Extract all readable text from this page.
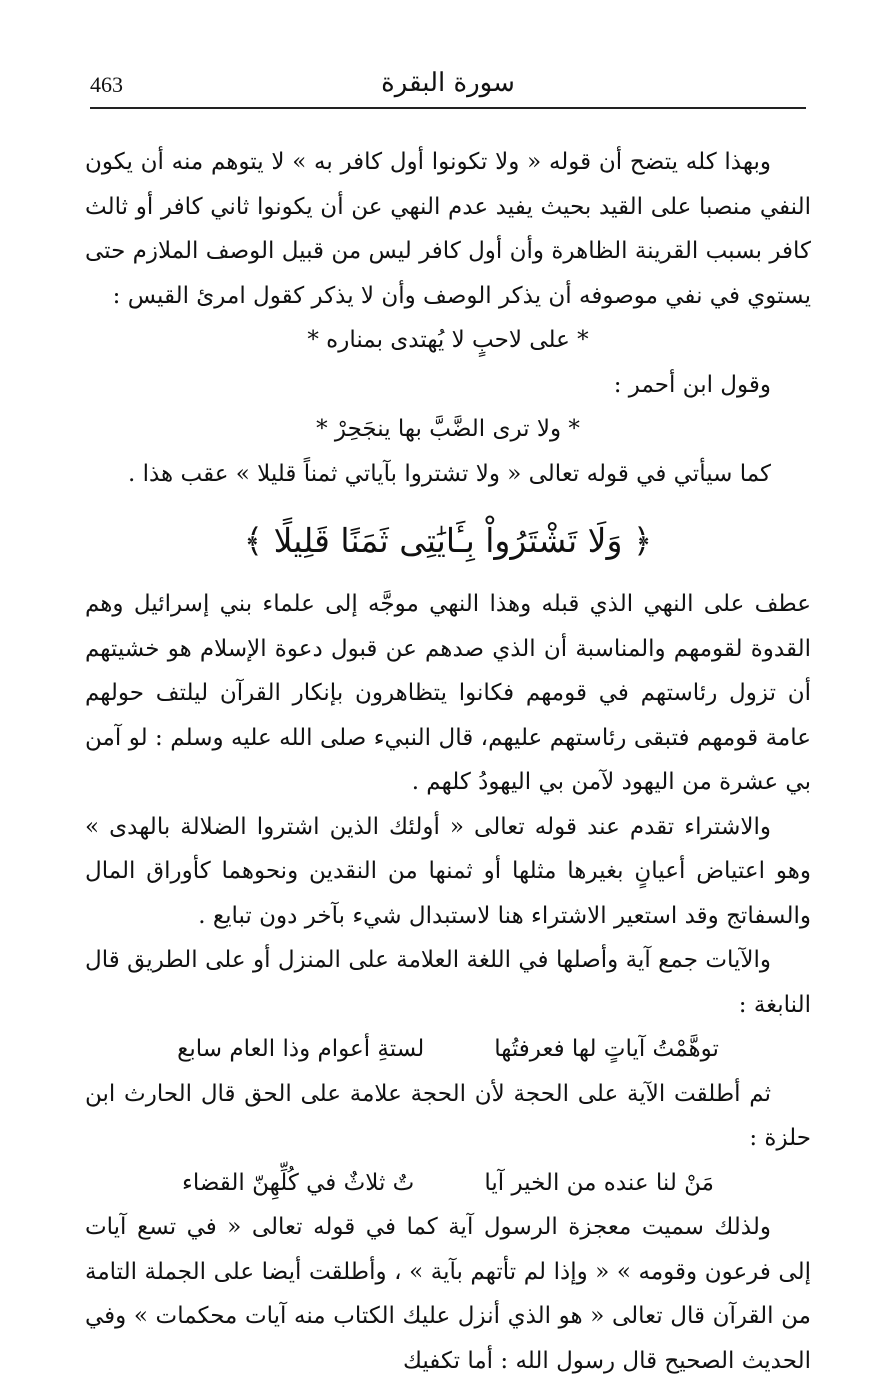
463	سورة البقرة

وبهذا كله يتضح أن قوله « ولا تكونوا أول كافر به » لا يتوهم منه أن يكون النفي منصبا على القيد بحيث يفيد عدم النهي عن أن يكونوا ثاني كافر أو ثالث كافر بسبب القرينة الظاهرة وأن أول كافر ليس من قبيل الوصف الملازم حتى يستوي في نفي موصوفه أن يذكر الوصف وأن لا يذكر كقول امرئ القيس :

* على لاحبٍ لا يُهتدى بمناره *

وقول ابن أحمر :

* ولا ترى الضَّبَّ بها ينجَحِرْ *

كما سيأتي في قوله تعالى « ولا تشتروا بآياتي ثمناً قليلا » عقب هذا .

﴿ وَلَا تَشْتَرُواْ بِـَٔايَٰتِى ثَمَنًا قَلِيلًا ﴾

عطف على النهي الذي قبله وهذا النهي موجَّه إلى علماء بني إسرائيل وهم القدوة لقومهم والمناسبة أن الذي صدهم عن قبول دعوة الإسلام هو خشيتهم أن تزول رئاستهم في قومهم فكانوا يتظاهرون بإنكار القرآن ليلتف حولهم عامة قومهم فتبقى رئاستهم عليهم، قال النبيء صلى الله عليه وسلم : لو آمن بي عشرة من اليهود لآمن بي اليهودُ كلهم .

والاشتراء تقدم عند قوله تعالى « أولئك الذين اشتروا الضلالة بالهدى » وهو اعتياض أعيانٍ بغيرها مثلها أو ثمنها من النقدين ونحوهما كأوراق المال والسفاتج وقد استعير الاشتراء هنا لاستبدال شيء بآخر دون تبايع .

والآيات جمع آية وأصلها في اللغة العلامة على المنزل أو على الطريق قال النابغة :

توهَّمْتُ آياتٍ لها فعرفتُها
لستةِ أعوام وذا العام سابع

ثم أطلقت الآية على الحجة لأن الحجة علامة على الحق قال الحارث ابن حلزة :

مَنْ لنا عنده من الخير آيا
تٌ ثلاثٌ في كُلِّهِنّ القضاء

ولذلك سميت معجزة الرسول آية كما في قوله تعالى « في تسع آيات إلى فرعون وقومه » « وإذا لم تأتهم بآية » ، وأطلقت أيضا على الجملة التامة من القرآن قال تعالى « هو الذي أنزل عليك الكتاب منه آيات محكمات » وفي الحديث الصحيح قال رسول الله : أما تكفيك
